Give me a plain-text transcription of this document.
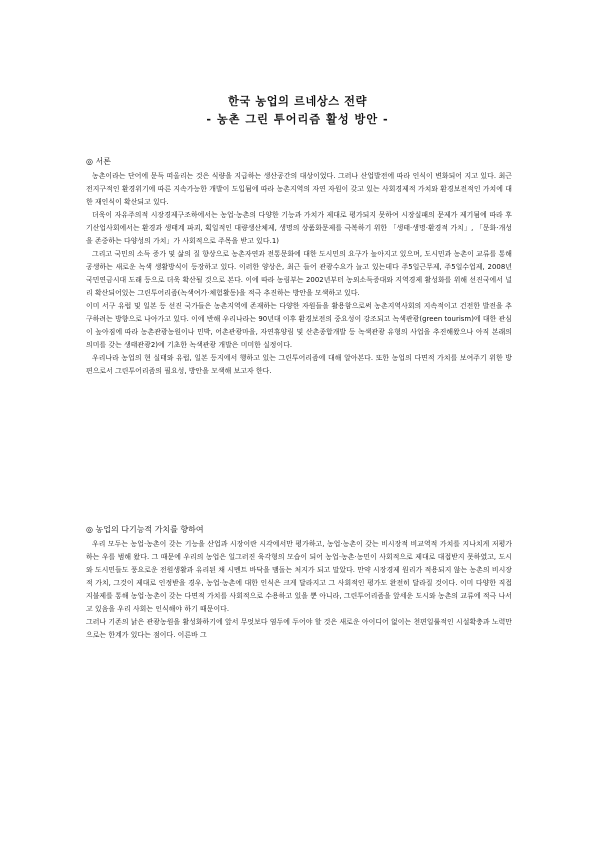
한국 농업의 르네상스 전략
- 농촌 그린 투어리즘 활성 방안 -
◎ 서론

농촌이라는 단어에 문득 떠올리는 것은 식량을 지급하는 생산공간의 대상이었다. 그러나 산업발전에 따라 인식이 변화되어 지고 있다. 최근 전지구적인 환경위기에 따른 지속가능한 개발이 도입됨에 따라 농촌지역의 자연 자원이 갖고 있는 사회경제적 가치와 환경보전적인 가치에 대한 재인식이 확산되고 있다.

더욱이 자유주의적 시장경제구조하에서는 농업·농촌의 다양한 기능과 가치가 제대로 평가되지 못하여 시장실패의 문제가 제기됨에 따라 후기산업사회에서는 환경과 생태계 파괴, 획일적인 대량생산체제, 생명의 상품화문제를 극복하기 위한 「생태·생명·환경적 가치」, 「문화·개성을 존중하는 다양성의 가치」가 사회적으로 주목을 받고 있다.1)

그리고 국민의 소득 증가 및 삶의 질 향상으로 농촌자연과 전통문화에 대한 도시민의 요구가 높아지고 있으며, 도시민과 농촌이 교류를 통해 공생하는 새로운 녹색 생활방식이 등장하고 있다. 이러한 양상은, 최근 들어 관광수요가 늘고 있는데다 주5일근무제, 주5일수업제, 2008년 국민연금시대 도래 등으로 더욱 확산될 것으로 본다. 이에 따라 농림부는 2002년부터 농외소득증대와 지역경제 활성화를 위해 선진국에서 널리 확산되어있는 그린투어리즘(녹색여가·체험활동)을 적극 추진하는 방안을 모색하고 있다.

이미 서구 유럽 및 일본 등 선진 국가들은 농촌지역에 존재하는 다양한 자원들을 활용함으로써 농촌지역사회의 지속적이고 건전한 발전을 추구하려는 방향으로 나아가고 있다. 이에 반해 우리나라는 90년대 이후 환경보전의 중요성이 강조되고 녹색관광(green tourism)에 대한 관심이 높아짐에 따라 농촌관광농원이나 민박, 어촌관광마을, 자연휴양림 및 산촌종합개발 등 녹색관광 유형의 사업을 추진해왔으나 아직 본래의 의미를 갖는 생태관광2)에 기초한 녹색관광 개발은 미미한 실정이다.

우리나라 농업의 현 실태와 유럽, 일본 등지에서 행하고 있는 그린투어리즘에 대해 알아본다. 또한 농업의 다면적 가치를 보여주기 위한 방편으로서 그린투어리즘의 필요성, 방안을 모색해 보고자 한다.

◎ 농업의 다기능적 가치를 향하여

우리 모두는 농업·농촌이 갖는 기능을 산업과 시장이란 시각에서만 평가하고, 농업·농촌이 갖는 비시장적 비교역적 가치를 지나치게 저평가하는 우를 범해 왔다. 그 때문에 우리의 농업은 일그러진 육각형의 모습이 되어 농업·농촌·농민이 사회적으로 제대로 대접받지 못하였고, 도시와 도시민들도 풍요로운 전원생활과 유리된 채 시멘트 바닥을 맴돌는 처지가 되고 말았다. 만약 시장경제 원리가 적용되지 않는 농촌의 비시장적 가치, 그것이 제대로 인정받을 경우, 농업·농촌에 대한 인식은 크게 달라지고 그 사회적인 평가도 완전히 달라질 것이다. 이미 다양한 직접지불제를 통해 농업·농촌이 갖는 다면적 가치를 사회적으로 수용하고 있을 뿐 아니라, 그린투어리즘을 앞세운 도시와 농촌의 교류에 적극 나서고 있음을 우리 사회는 인식해야 하기 때문이다.

그러나 기존의 낡은 관광농원을 활성화하기에 앞서 무엇보다 염두에 두어야 할 것은 새로운 아이디어 없이는 천편일률적인 시설확충과 노력만으로는 한계가 있다는 점이다. 이른바 그
